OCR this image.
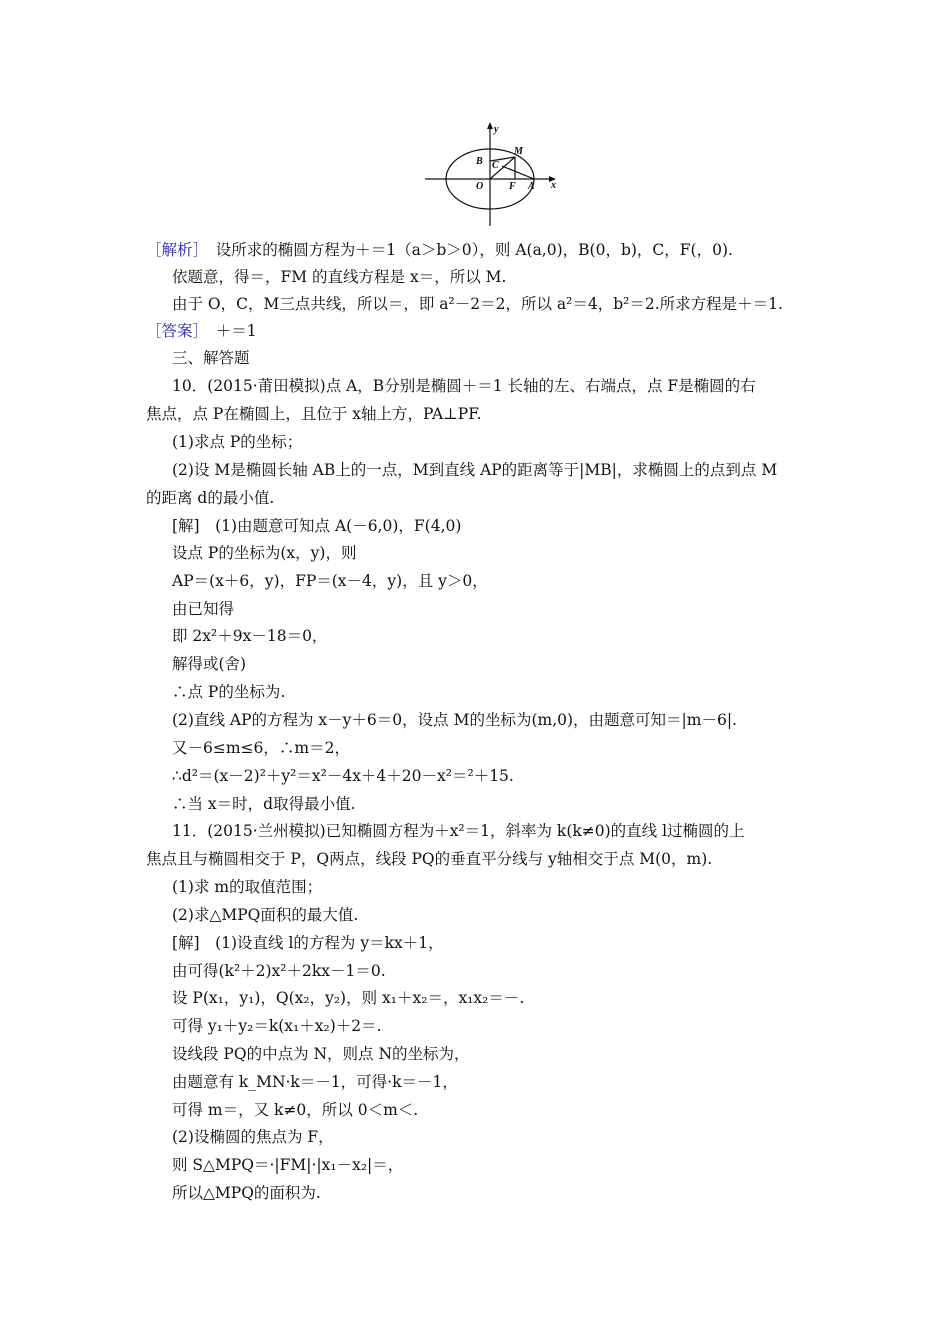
y
x
B C
M
O	F A
［解析］　设所求的椭圆方程为＋＝1（a＞b＞0），则 A(a,0)，B(0，b)，C，F(，0).
依题意，得＝，FM 的直线方程是 x＝，所以 M.
由于 O，C，M三点共线，所以＝，即 a²－2＝2，所以 a²＝4，b²＝2.所求方程是＋＝1.
［答案］　＋＝1
三、解答题
10．(2015·莆田模拟)点 A，B分别是椭圆＋＝1 长轴的左、右端点，点 F是椭圆的右
焦点，点 P在椭圆上，且位于 x轴上方，PA⊥PF.
(1)求点 P的坐标；
(2)设 M是椭圆长轴 AB上的一点，M到直线 AP的距离等于|MB|，求椭圆上的点到点 M
的距离 d的最小值.
[解]　(1)由题意可知点 A(－6,0)，F(4,0)
设点 P的坐标为(x，y)，则
AP＝(x＋6，y)，FP＝(x－4，y)，且 y＞0，
由已知得
即 2x²＋9x－18＝0，
解得或(舍)
∴点 P的坐标为.
(2)直线 AP的方程为 x－y＋6＝0，设点 M的坐标为(m,0)，由题意可知＝|m－6|.
又－6≤m≤6，∴m＝2，
∴d²＝(x－2)²＋y²＝x²－4x＋4＋20－x²＝²＋15.
∴当 x＝时，d取得最小值.
11．(2015·兰州模拟)已知椭圆方程为＋x²＝1，斜率为 k(k≠0)的直线 l过椭圆的上
焦点且与椭圆相交于 P，Q两点，线段 PQ的垂直平分线与 y轴相交于点 M(0，m).
(1)求 m的取值范围；
(2)求△MPQ面积的最大值.
[解]　(1)设直线 l的方程为 y＝kx＋1，
由可得(k²＋2)x²＋2kx－1＝0.
设 P(x₁，y₁)，Q(x₂，y₂)，则 x₁＋x₂＝，x₁x₂＝－.
可得 y₁＋y₂＝k(x₁＋x₂)＋2＝.
设线段 PQ的中点为 N，则点 N的坐标为，
由题意有 k_MN·k＝－1，可得·k＝－1，
可得 m＝，又 k≠0，所以 0＜m＜.
(2)设椭圆的焦点为 F，
则 S△MPQ＝·|FM|·|x₁－x₂|＝，
所以△MPQ的面积为.
